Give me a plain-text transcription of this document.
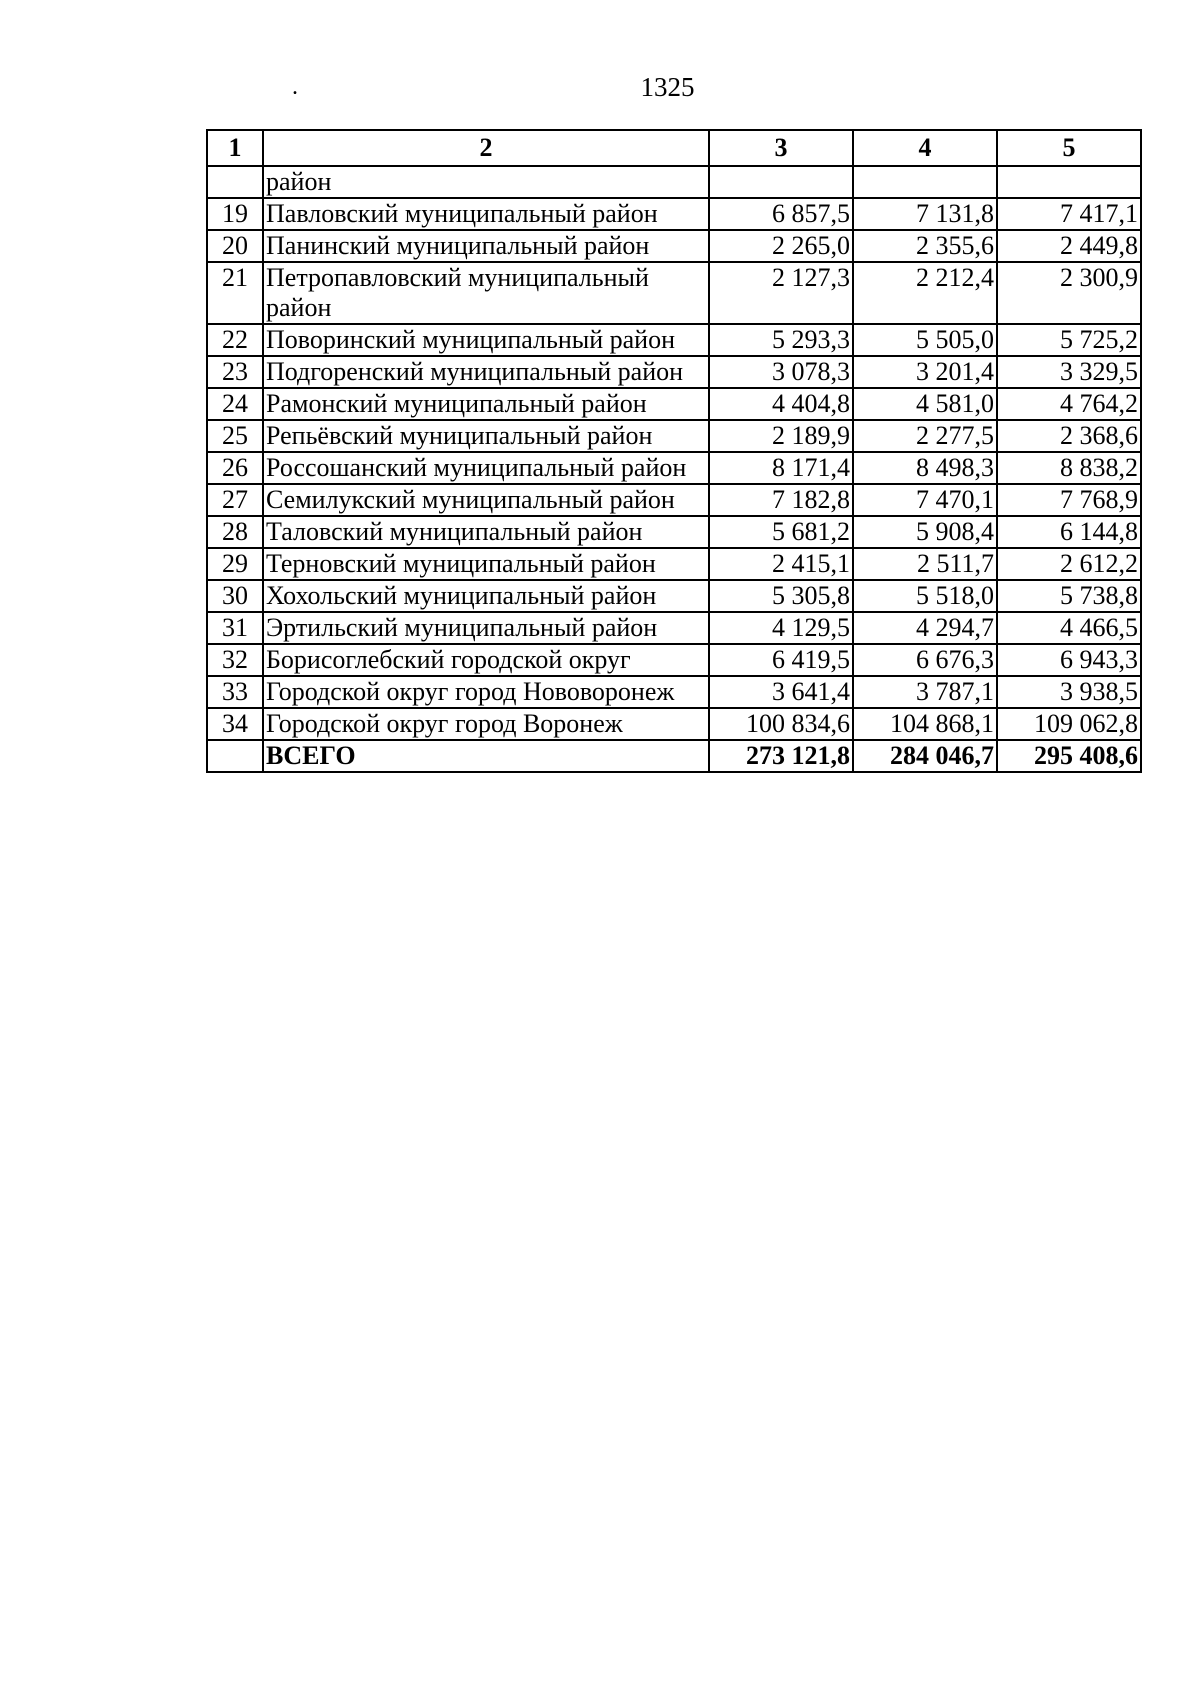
.	1325
1	2	3	4	5
	район			
19	Павловский муниципальный район	6 857,5	7 131,8	7 417,1
20	Панинский муниципальный район	2 265,0	2 355,6	2 449,8
21	Петропавловский муниципальный район	2 127,3	2 212,4	2 300,9
22	Поворинский муниципальный район	5 293,3	5 505,0	5 725,2
23	Подгоренский муниципальный район	3 078,3	3 201,4	3 329,5
24	Рамонский муниципальный район	4 404,8	4 581,0	4 764,2
25	Репьёвский муниципальный район	2 189,9	2 277,5	2 368,6
26	Россошанский муниципальный район	8 171,4	8 498,3	8 838,2
27	Семилукский муниципальный район	7 182,8	7 470,1	7 768,9
28	Таловский муниципальный район	5 681,2	5 908,4	6 144,8
29	Терновский муниципальный район	2 415,1	2 511,7	2 612,2
30	Хохольский муниципальный район	5 305,8	5 518,0	5 738,8
31	Эртильский муниципальный район	4 129,5	4 294,7	4 466,5
32	Борисоглебский городской округ	6 419,5	6 676,3	6 943,3
33	Городской округ город Нововоронеж	3 641,4	3 787,1	3 938,5
34	Городской округ город Воронеж	100 834,6	104 868,1	109 062,8
	ВСЕГО	273 121,8	284 046,7	295 408,6
